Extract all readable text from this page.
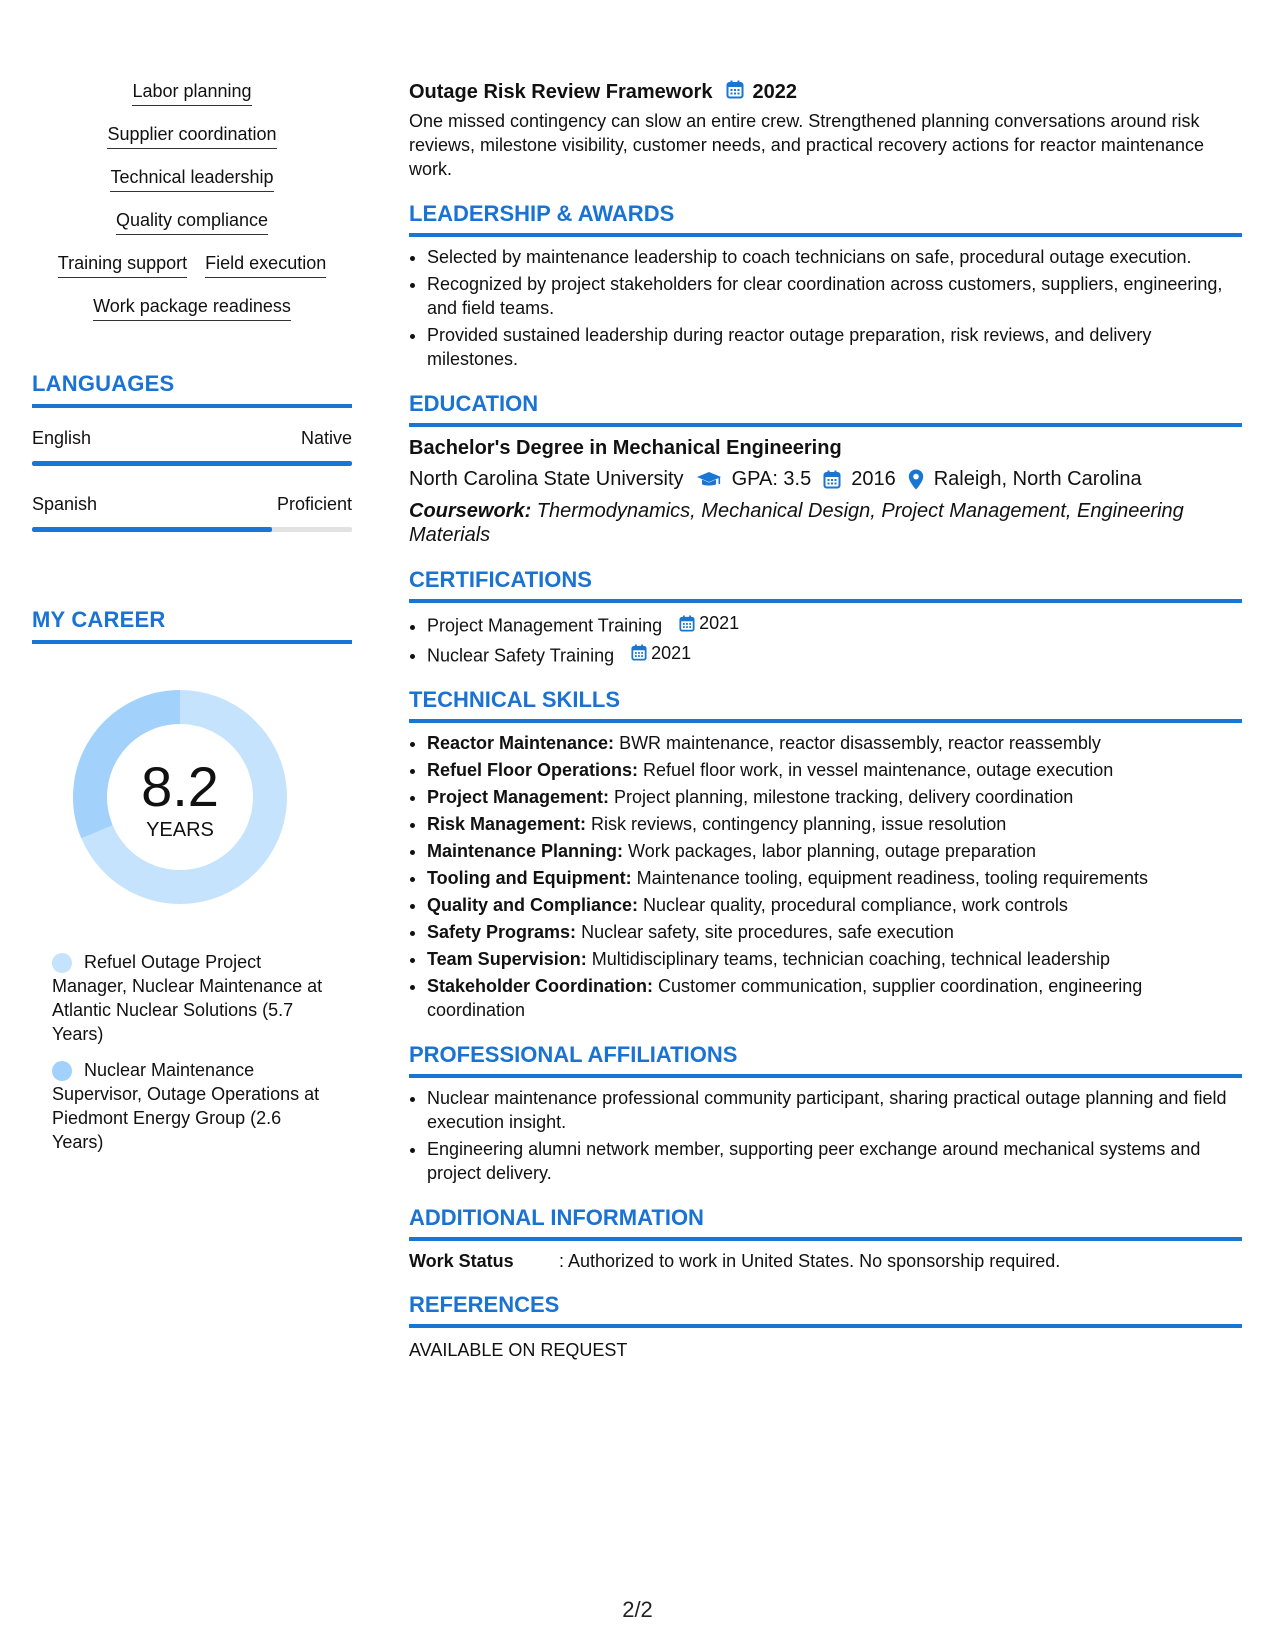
Labor planning
Supplier coordination
Technical leadership
Quality compliance
Training support Field execution
Work package readiness
LANGUAGES
English	Native
Spanish	Proficient
MY CAREER
8.2
YEARS
Refuel Outage Project Manager, Nuclear Maintenance at Atlantic Nuclear Solutions (5.7 Years)
Nuclear Maintenance Supervisor, Outage Operations at Piedmont Energy Group (2.6 Years)
Outage Risk Review Framework 2022
One missed contingency can slow an entire crew. Strengthened planning conversations around risk reviews, milestone visibility, customer needs, and practical recovery actions for reactor maintenance work.
LEADERSHIP & AWARDS
• Selected by maintenance leadership to coach technicians on safe, procedural outage execution.
• Recognized by project stakeholders for clear coordination across customers, suppliers, engineering, and field teams.
• Provided sustained leadership during reactor outage preparation, risk reviews, and delivery milestones.
EDUCATION
Bachelor's Degree in Mechanical Engineering
North Carolina State University GPA: 3.5 2016 Raleigh, North Carolina
Coursework: Thermodynamics, Mechanical Design, Project Management, Engineering Materials
CERTIFICATIONS
• Project Management Training 2021
• Nuclear Safety Training 2021
TECHNICAL SKILLS
• Reactor Maintenance: BWR maintenance, reactor disassembly, reactor reassembly
• Refuel Floor Operations: Refuel floor work, in vessel maintenance, outage execution
• Project Management: Project planning, milestone tracking, delivery coordination
• Risk Management: Risk reviews, contingency planning, issue resolution
• Maintenance Planning: Work packages, labor planning, outage preparation
• Tooling and Equipment: Maintenance tooling, equipment readiness, tooling requirements
• Quality and Compliance: Nuclear quality, procedural compliance, work controls
• Safety Programs: Nuclear safety, site procedures, safe execution
• Team Supervision: Multidisciplinary teams, technician coaching, technical leadership
• Stakeholder Coordination: Customer communication, supplier coordination, engineering coordination
PROFESSIONAL AFFILIATIONS
• Nuclear maintenance professional community participant, sharing practical outage planning and field execution insight.
• Engineering alumni network member, supporting peer exchange around mechanical systems and project delivery.
ADDITIONAL INFORMATION
Work Status	: Authorized to work in United States. No sponsorship required.
REFERENCES
AVAILABLE ON REQUEST
2/2
